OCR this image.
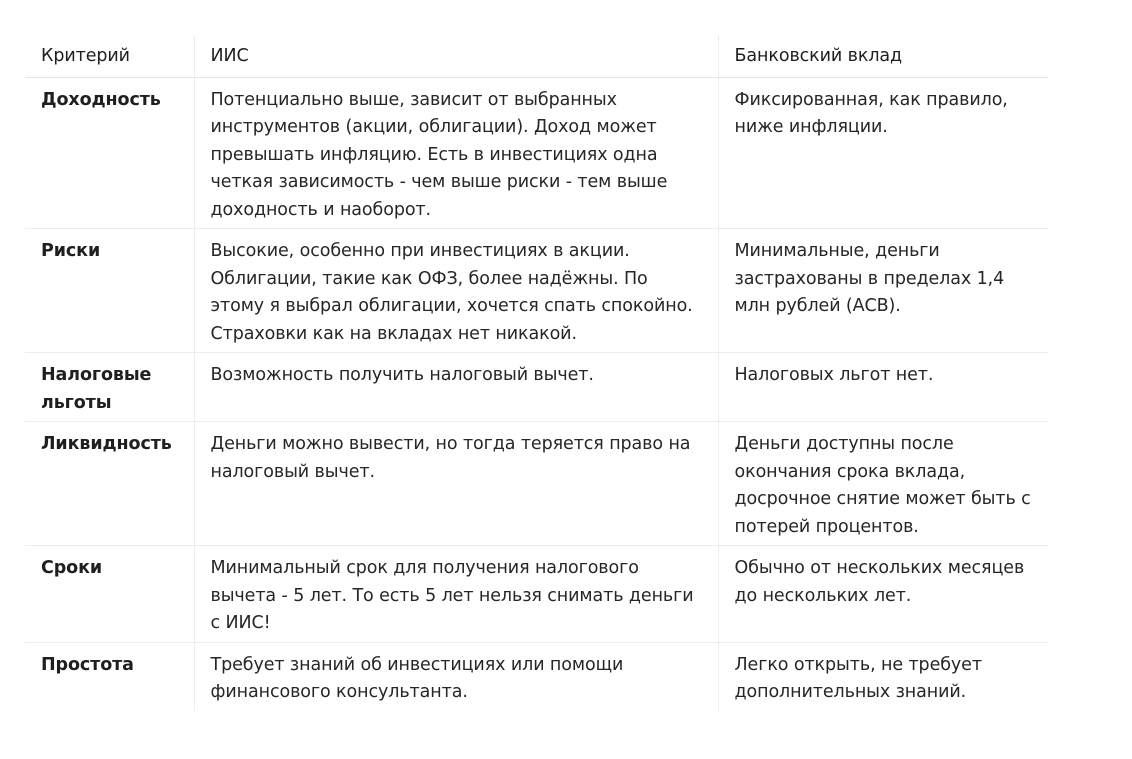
Критерий	ИИС	Банковский вклад
Доходность	Потенциально выше, зависит от выбранных инструментов (акции, облигации). Доход может превышать инфляцию. Есть в инвестициях одна четкая зависимость - чем выше риски - тем выше доходность и наоборот.	Фиксированная, как правило, ниже инфляции.
Риски	Высокие, особенно при инвестициях в акции. Облигации, такие как ОФЗ, более надёжны. По этому я выбрал облигации, хочется спать спокойно. Страховки как на вкладах нет никакой.	Минимальные, деньги застрахованы в пределах 1,4 млн рублей (АСВ).
Налоговые льготы	Возможность получить налоговый вычет.	Налоговых льгот нет.
Ликвидность	Деньги можно вывести, но тогда теряется право на налоговый вычет.	Деньги доступны после окончания срока вклада, досрочное снятие может быть с потерей процентов.
Сроки	Минимальный срок для получения налогового вычета - 5 лет. То есть 5 лет нельзя снимать деньги с ИИС!	Обычно от нескольких месяцев до нескольких лет.
Простота	Требует знаний об инвестициях или помощи финансового консультанта.	Легко открыть, не требует дополнительных знаний.
